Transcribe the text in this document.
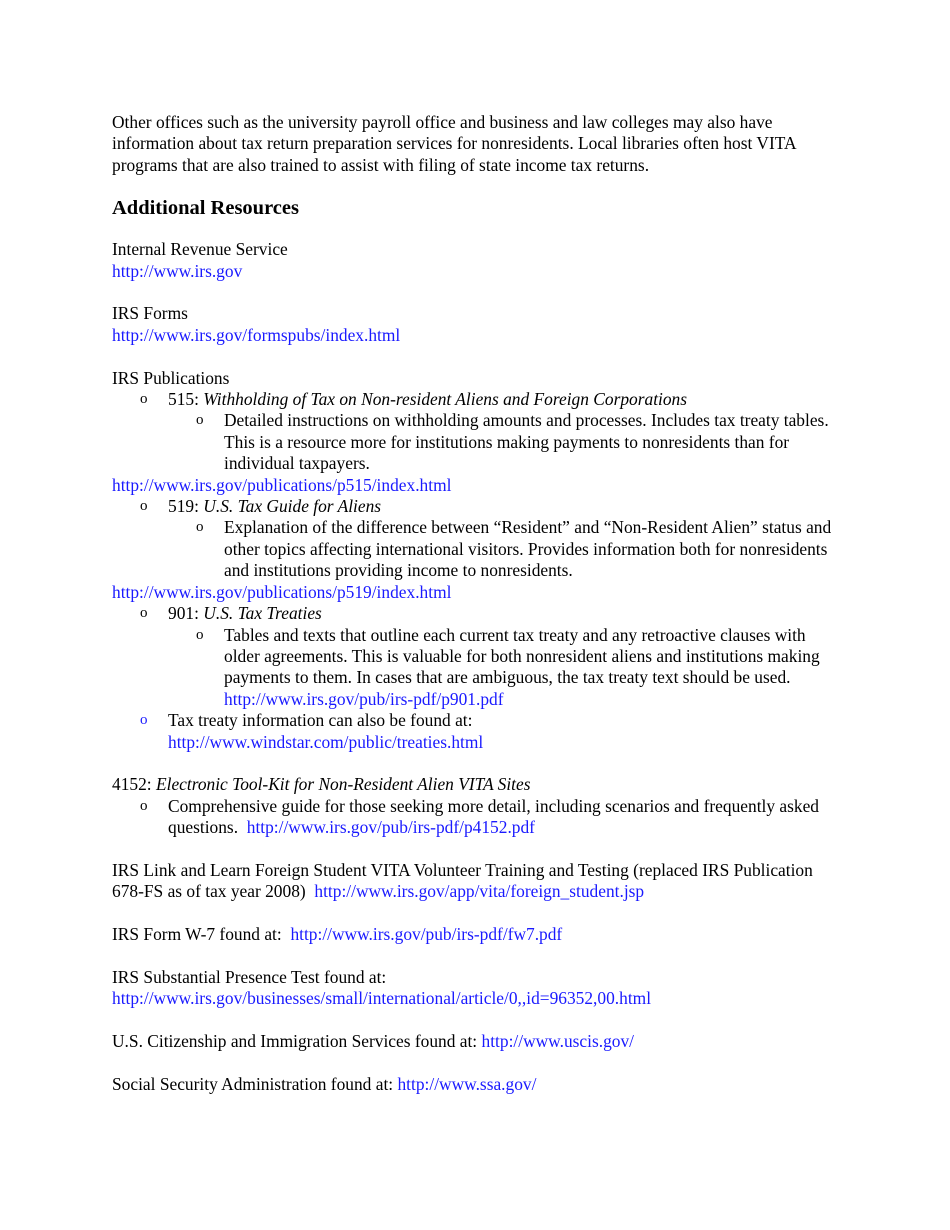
Other offices such as the university payroll office and business and law colleges may also have information about tax return preparation services for nonresidents. Local libraries often host VITA programs that are also trained to assist with filing of state income tax returns.

Additional Resources
Internal Revenue Service
http://www.irs.gov
IRS Forms
http://www.irs.gov/formspubs/index.html
IRS Publications
o 515: Withholding of Tax on Non-resident Aliens and Foreign Corporations
o Detailed instructions on withholding amounts and processes. Includes tax treaty tables. This is a resource more for institutions making payments to nonresidents than for individual taxpayers.
http://www.irs.gov/publications/p515/index.html
o 519: U.S. Tax Guide for Aliens
o Explanation of the difference between “Resident” and “Non-Resident Alien” status and other topics affecting international visitors. Provides information both for nonresidents and institutions providing income to nonresidents.
http://www.irs.gov/publications/p519/index.html
o 901: U.S. Tax Treaties
o Tables and texts that outline each current tax treaty and any retroactive clauses with older agreements. This is valuable for both nonresident aliens and institutions making payments to them. In cases that are ambiguous, the tax treaty text should be used.  http://www.irs.gov/pub/irs-pdf/p901.pdf
o Tax treaty information can also be found at:
http://www.windstar.com/public/treaties.html
4152: Electronic Tool-Kit for Non-Resident Alien VITA Sites
o Comprehensive guide for those seeking more detail, including scenarios and frequently asked questions. http://www.irs.gov/pub/irs-pdf/p4152.pdf
IRS Link and Learn Foreign Student VITA Volunteer Training and Testing (replaced IRS Publication 678-FS as of tax year 2008) http://www.irs.gov/app/vita/foreign_student.jsp
IRS Form W-7 found at: http://www.irs.gov/pub/irs-pdf/fw7.pdf
IRS Substantial Presence Test found at:
http://www.irs.gov/businesses/small/international/article/0,,id=96352,00.html
U.S. Citizenship and Immigration Services found at: http://www.uscis.gov/
Social Security Administration found at: http://www.ssa.gov/
